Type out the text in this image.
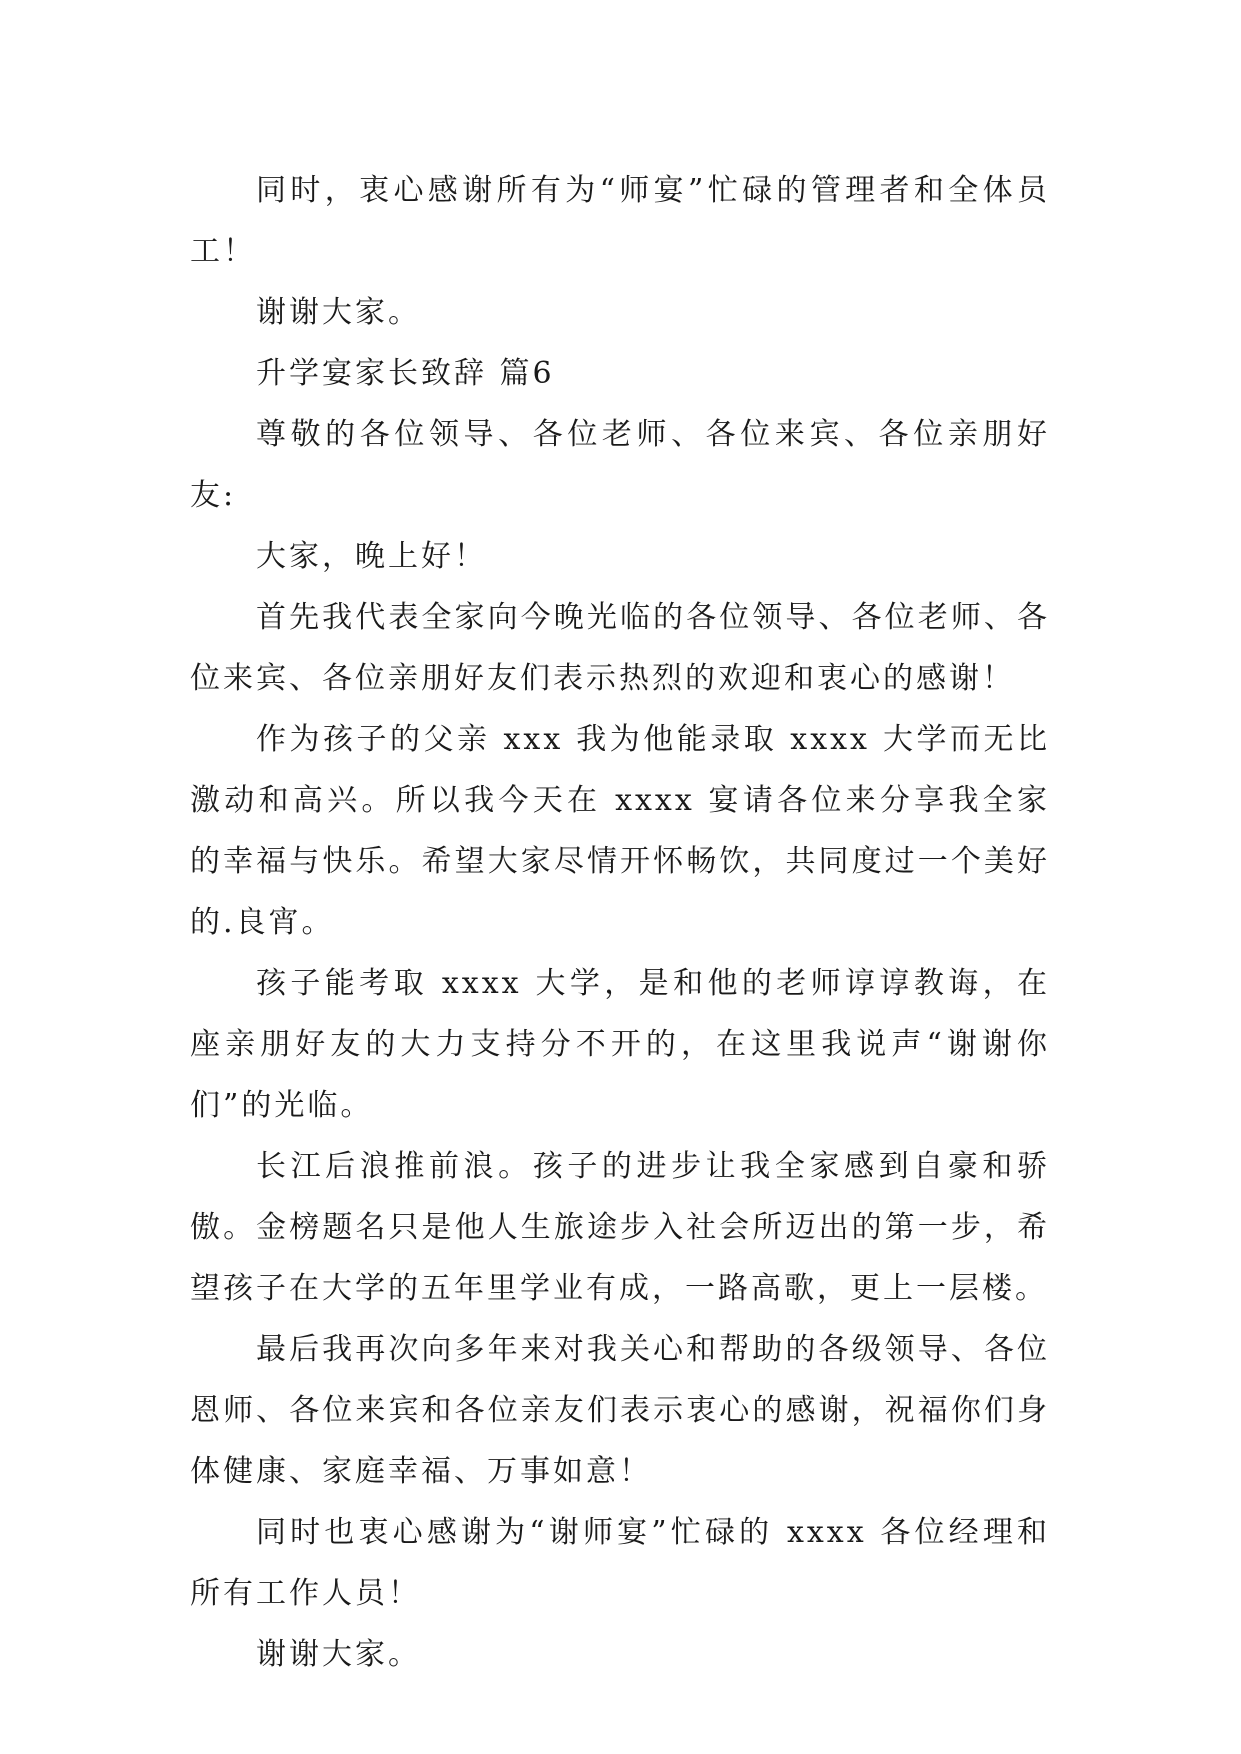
同时，衷心感谢所有为“师宴”忙碌的管理者和全体员工！

谢谢大家。

升学宴家长致辞 篇6

尊敬的各位领导、各位老师、各位来宾、各位亲朋好友:

大家，晚上好！

首先我代表全家向今晚光临的各位领导、各位老师、各位来宾、各位亲朋好友们表示热烈的欢迎和衷心的感谢！

作为孩子的父亲 xxx 我为他能录取 xxxx 大学而无比激动和高兴。所以我今天在 xxxx 宴请各位来分享我全家的幸福与快乐。希望大家尽情开怀畅饮，共同度过一个美好的.良宵。

孩子能考取 xxxx 大学，是和他的老师谆谆教诲，在座亲朋好友的大力支持分不开的，在这里我说声“谢谢你们”的光临。

长江后浪推前浪。孩子的进步让我全家感到自豪和骄傲。金榜题名只是他人生旅途步入社会所迈出的第一步，希望孩子在大学的五年里学业有成，一路高歌，更上一层楼。

最后我再次向多年来对我关心和帮助的各级领导、各位恩师、各位来宾和各位亲友们表示衷心的感谢，祝福你们身体健康、家庭幸福、万事如意！

同时也衷心感谢为“谢师宴”忙碌的 xxxx 各位经理和所有工作人员！

谢谢大家。
